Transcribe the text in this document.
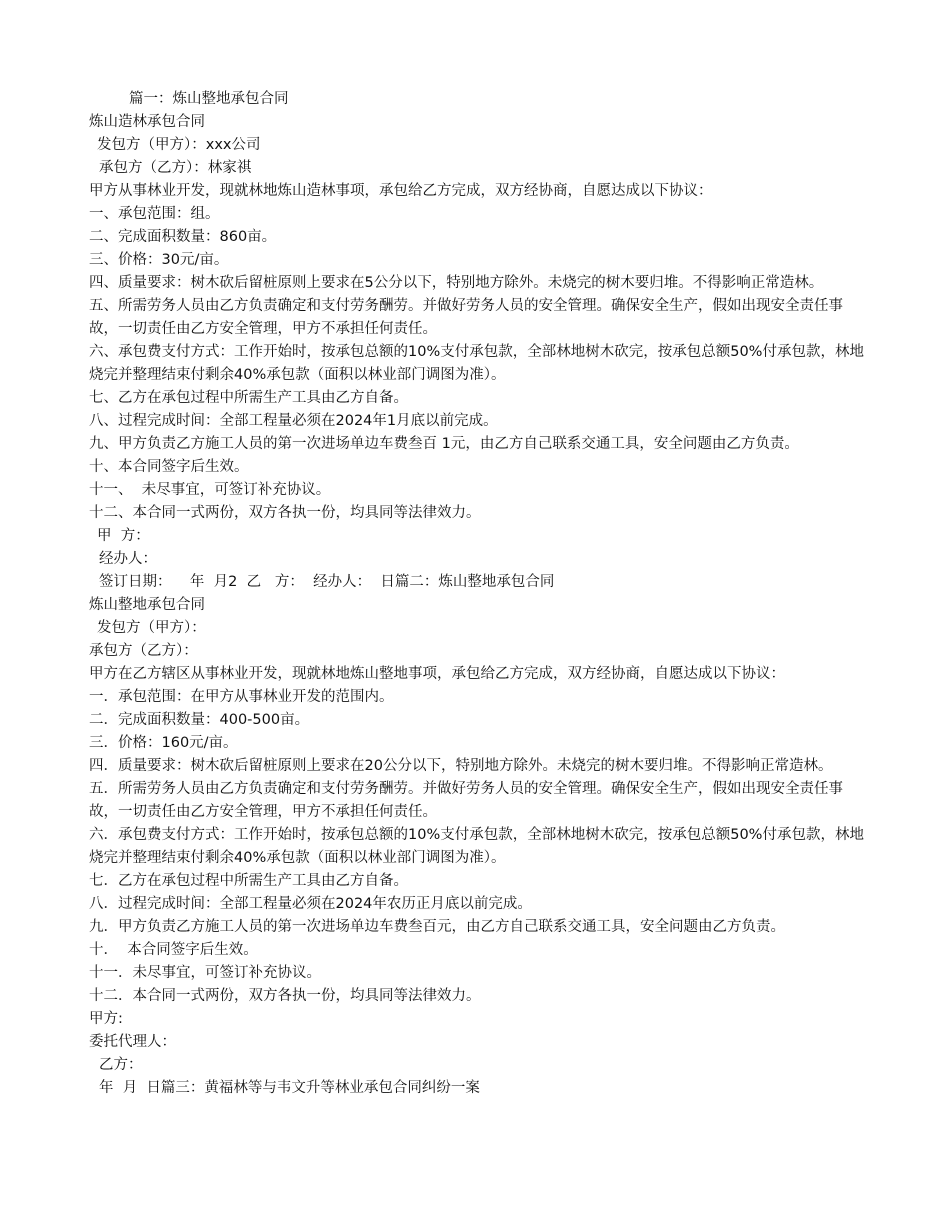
篇一：炼山整地承包合同

炼山造林承包合同

发包方（甲方）：xxx公司

承包方（乙方）：林家祺

甲方从事林业开发，现就林地炼山造林事项，承包给乙方完成，双方经协商，自愿达成以下协议：

一、承包范围：组。

二、完成面积数量：860亩。

三、价格：30元/亩。

四、质量要求：树木砍后留桩原则上要求在5公分以下，特别地方除外。未烧完的树木要归堆。不得影响正常造林。

五、所需劳务人员由乙方负责确定和支付劳务酬劳。并做好劳务人员的安全管理。确保安全生产，假如出现安全责任事故，一切责任由乙方安全管理，甲方不承担任何责任。

六、承包费支付方式：工作开始时，按承包总额的10%支付承包款，全部林地树木砍完，按承包总额50%付承包款，林地烧完并整理结束付剩余40%承包款（面积以林业部门调图为准）。

七、乙方在承包过程中所需生产工具由乙方自备。

八、过程完成时间：全部工程量必须在2024年1月底以前完成。

九、甲方负责乙方施工人员的第一次进场单边车费叁百 1元，由乙方自己联系交通工具，安全问题由乙方负责。

十、本合同签字后生效。

十一、  未尽事宜，可签订补充协议。

十二、本合同一式两份，双方各执一份，均具同等法律效力。

甲  方：

经办人：

签订日期：    年  月2  乙   方：  经办人：  日篇二：炼山整地承包合同

炼山整地承包合同

发包方（甲方）：

承包方（乙方）：

甲方在乙方辖区从事林业开发，现就林地炼山整地事项，承包给乙方完成，双方经协商，自愿达成以下协议：

一．承包范围：在甲方从事林业开发的范围内。

二．完成面积数量：400-500亩。

三．价格：160元/亩。

四．质量要求：树木砍后留桩原则上要求在20公分以下，特别地方除外。未烧完的树木要归堆。不得影响正常造林。

五．所需劳务人员由乙方负责确定和支付劳务酬劳。并做好劳务人员的安全管理。确保安全生产，假如出现安全责任事故，一切责任由乙方安全管理，甲方不承担任何责任。

六．承包费支付方式：工作开始时，按承包总额的10%支付承包款，全部林地树木砍完，按承包总额50%付承包款，林地烧完并整理结束付剩余40%承包款（面积以林业部门调图为准）。

七．乙方在承包过程中所需生产工具由乙方自备。

八．过程完成时间：全部工程量必须在2024年农历正月底以前完成。

九．甲方负责乙方施工人员的第一次进场单边车费叁百元，由乙方自己联系交通工具，安全问题由乙方负责。

十．  本合同签字后生效。

十一．未尽事宜，可签订补充协议。

十二．本合同一式两份，双方各执一份，均具同等法律效力。

甲方:

委托代理人：

乙方：

年  月  日篇三：黄福林等与韦文升等林业承包合同纠纷一案
